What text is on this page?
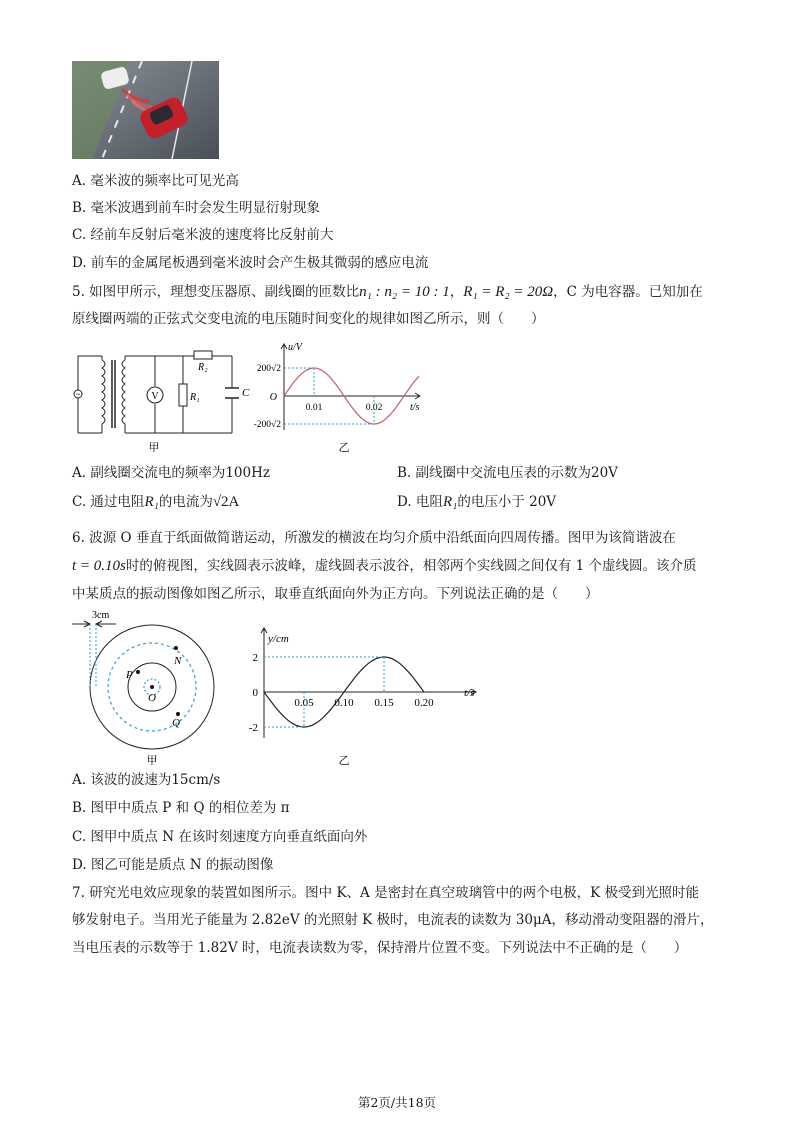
A. 毫米波的频率比可见光高
B. 毫米波遇到前车时会发生明显衍射现象
C. 经前车反射后毫米波的速度将比反射前大
D. 前车的金属尾板遇到毫米波时会产生极其微弱的感应电流
5. 如图甲所示，理想变压器原、副线圈的匝数比n₁ : n₂ = 10 : 1，R₁ = R₂ = 20Ω，C 为电容器。已知加在
原线圈两端的正弦式交变电流的电压随时间变化的规律如图乙所示，则（　　）
~	V
R₂
R₁	C
甲
u/V
200√2
-200√2
O
0.01	0.02	t/s
乙
A. 副线圈交流电的频率为100Hz	B. 副线圈中交流电压表的示数为20V
C. 通过电阻R₁的电流为√2A	D. 电阻R₁的电压小于 20V
6. 波源 O 垂直于纸面做简谐运动，所激发的横波在均匀介质中沿纸面向四周传播。图甲为该简谐波在
t = 0.10s时的俯视图，实线圆表示波峰，虚线圆表示波谷，相邻两个实线圆之间仅有 1 个虚线圆。该介质
中某质点的振动图像如图乙所示，取垂直纸面向外为正方向。下列说法正确的是（　　）
3cm
P
O
N
Q
甲
y/cm
2
-2
0
0.05 0.10 0.15 0.20
t/s
乙
A. 该波的波速为15cm/s
B. 图甲中质点 P 和 Q 的相位差为 π
C. 图甲中质点 N 在该时刻速度方向垂直纸面向外
D. 图乙可能是质点 N 的振动图像
7. 研究光电效应现象的装置如图所示。图中 K、A 是密封在真空玻璃管中的两个电极，K 极受到光照时能
够发射电子。当用光子能量为 2.82eV 的光照射 K 极时，电流表的读数为 30μA，移动滑动变阻器的滑片，
当电压表的示数等于 1.82V 时，电流表读数为零，保持滑片位置不变。下列说法中不正确的是（　　）
第2页/共18页
